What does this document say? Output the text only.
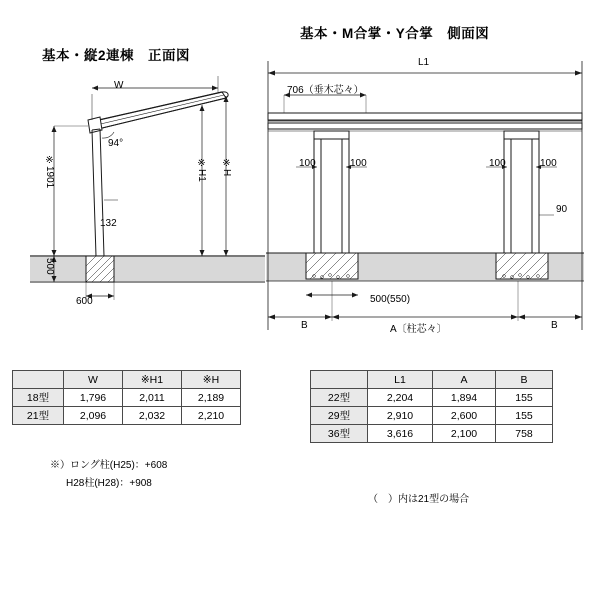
基本・縦2連棟　正面図
基本・M合掌・Y合掌　側面図
W
94°
※1901
500
132
600
※H1 ※H
L1
706（垂木芯々）
100	100	100	100
90
500(550)
A〔柱芯々〕
B	B
	W	※H1	※H
18型	1,796	2,011	2,189
21型	2,096	2,032	2,210
	L1	A	B
22型	2,204	1,894	155
29型	2,910	2,600	155
36型	3,616	2,100	758
※）ロング柱(H25)：+608
H28柱(H28)：+908
（　）内は21型の場合
